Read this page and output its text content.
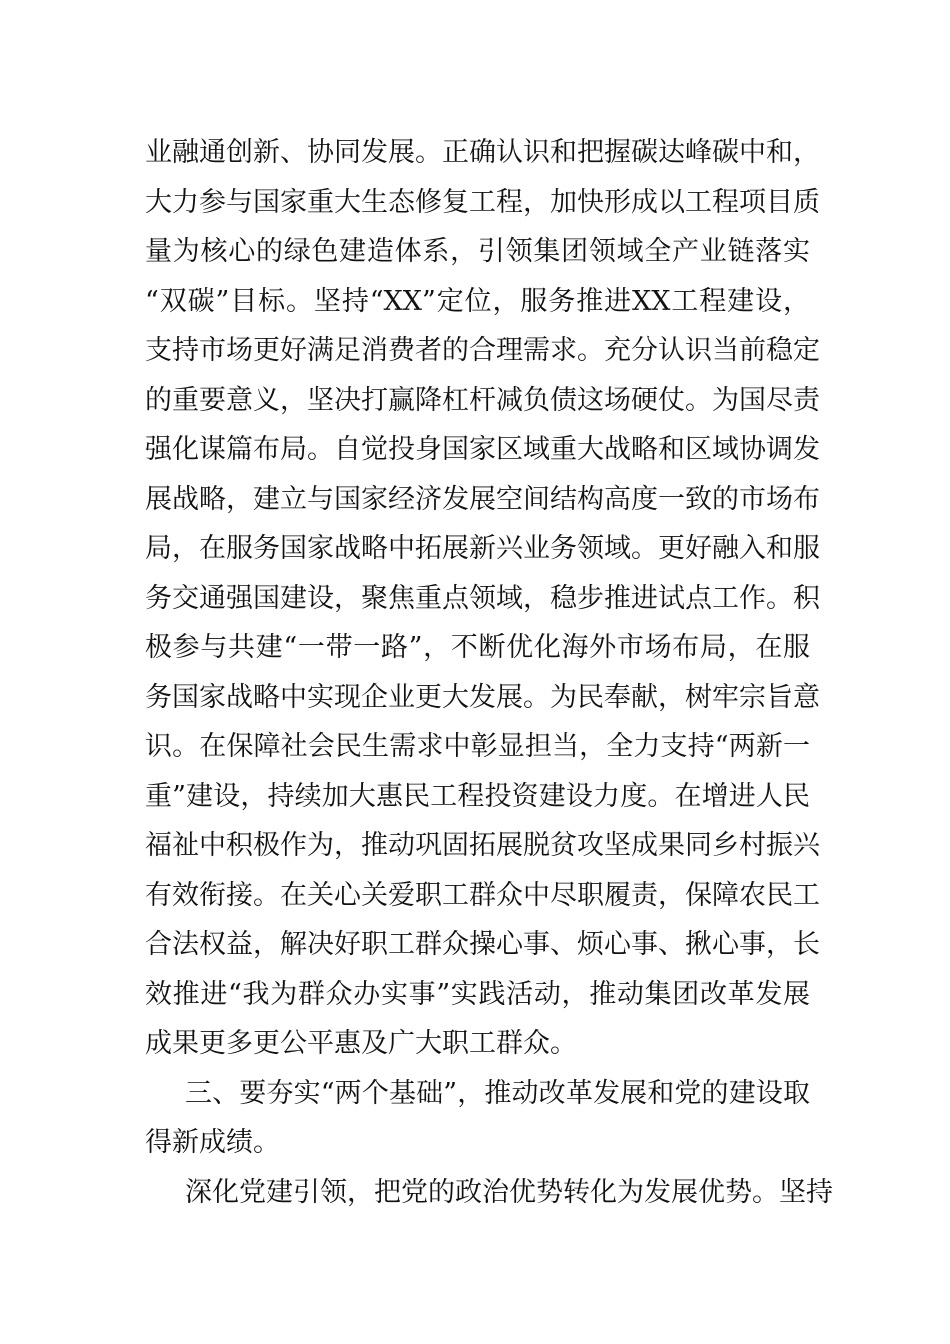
业融通创新、协同发展。正确认识和把握碳达峰碳中和，
大力参与国家重大生态修复工程，加快形成以工程项目质
量为核心的绿色建造体系，引领集团领域全产业链落实
“双碳”目标。坚持“XX”定位，服务推进XX工程建设，
支持市场更好满足消费者的合理需求。充分认识当前稳定
的重要意义，坚决打赢降杠杆减负债这场硬仗。为国尽责
强化谋篇布局。自觉投身国家区域重大战略和区域协调发
展战略，建立与国家经济发展空间结构高度一致的市场布
局，在服务国家战略中拓展新兴业务领域。更好融入和服
务交通强国建设，聚焦重点领域，稳步推进试点工作。积
极参与共建“一带一路”，不断优化海外市场布局，在服
务国家战略中实现企业更大发展。为民奉献，树牢宗旨意
识。在保障社会民生需求中彰显担当，全力支持“两新一
重”建设，持续加大惠民工程投资建设力度。在增进人民
福祉中积极作为，推动巩固拓展脱贫攻坚成果同乡村振兴
有效衔接。在关心关爱职工群众中尽职履责，保障农民工
合法权益，解决好职工群众操心事、烦心事、揪心事，长
效推进“我为群众办实事”实践活动，推动集团改革发展
成果更多更公平惠及广大职工群众。
三、要夯实“两个基础”，推动改革发展和党的建设取
得新成绩。
深化党建引领，把党的政治优势转化为发展优势。坚持
